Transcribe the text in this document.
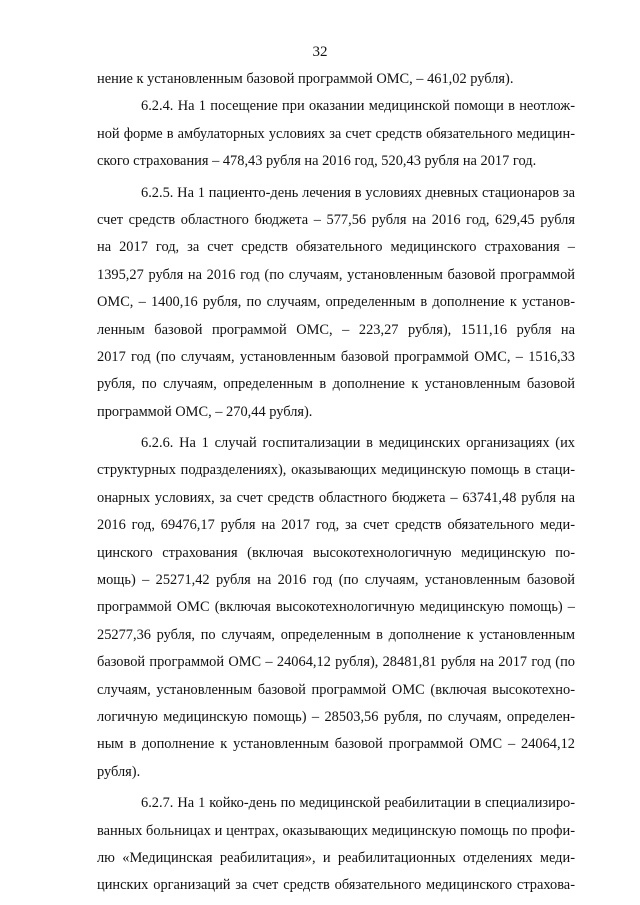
32
нение к установленным базовой программой ОМС, – 461,02 рубля).
6.2.4. На 1 посещение при оказании медицинской помощи в неотлож-
ной форме в амбулаторных условиях за счет средств обязательного медицин-
ского страхования – 478,43 рубля на 2016 год, 520,43 рубля на 2017 год.
6.2.5. На 1 пациенто-день лечения в условиях дневных стационаров за
счет средств областного бюджета – 577,56 рубля на 2016 год, 629,45 рубля
на 2017 год, за счет средств обязательного медицинского страхования –
1395,27 рубля на 2016 год (по случаям, установленным базовой программой
ОМС, – 1400,16 рубля, по случаям, определенным в дополнение к установ-
ленным базовой программой ОМС, – 223,27 рубля), 1511,16 рубля на
2017 год (по случаям, установленным базовой программой ОМС, – 1516,33
рубля, по случаям, определенным в дополнение к установленным базовой
программой ОМС, – 270,44 рубля).
6.2.6. На 1 случай госпитализации в медицинских организациях (их
структурных подразделениях), оказывающих медицинскую помощь в стаци-
онарных условиях, за счет средств областного бюджета – 63741,48 рубля на
2016 год, 69476,17 рубля на 2017 год, за счет средств обязательного меди-
цинского страхования (включая высокотехнологичную медицинскую по-
мощь) – 25271,42 рубля на 2016 год (по случаям, установленным базовой
программой ОМС (включая высокотехнологичную медицинскую помощь) –
25277,36 рубля, по случаям, определенным в дополнение к установленным
базовой программой ОМС – 24064,12 рубля), 28481,81 рубля на 2017 год (по
случаям, установленным базовой программой ОМС (включая высокотехно-
логичную медицинскую помощь) – 28503,56 рубля, по случаям, определен-
ным в дополнение к установленным базовой программой ОМС – 24064,12
рубля).
6.2.7. На 1 койко-день по медицинской реабилитации в специализиро-
ванных больницах и центрах, оказывающих медицинскую помощь по профи-
лю «Медицинская реабилитация», и реабилитационных отделениях меди-
цинских организаций за счет средств обязательного медицинского страхова-
